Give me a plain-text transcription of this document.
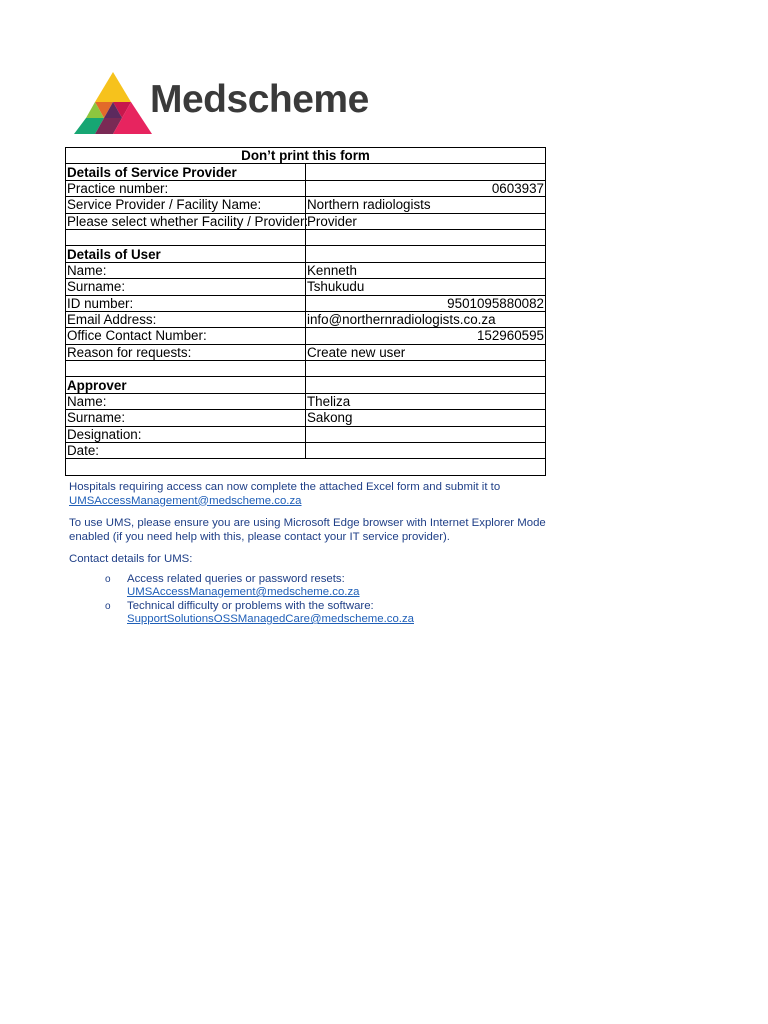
Medscheme
Don’t print this form	
Details of Service Provider	
Practice number:	0603937
Service Provider / Facility Name:	Northern radiologists
Please select whether Facility / Provider:	Provider

Details of User	
Name:	Kenneth
Surname:	Tshukudu
ID number:	9501095880082
Email Address:	info@northernradiologists.co.za
Office Contact Number:	152960595
Reason for requests:	Create new user

Approver	
Name:	Theliza
Surname:	Sakong
Designation:	
Date:	

Hospitals requiring access can now complete the attached Excel form and submit it to
UMSAccessManagement@medscheme.co.za

To use UMS, please ensure you are using Microsoft Edge browser with Internet Explorer Mode enabled (if you need help with this, please contact your IT service provider).

Contact details for UMS:

o Access related queries or password resets:
UMSAccessManagement@medscheme.co.za
o Technical difficulty or problems with the software:
SupportSolutionsOSSManagedCare@medscheme.co.za
